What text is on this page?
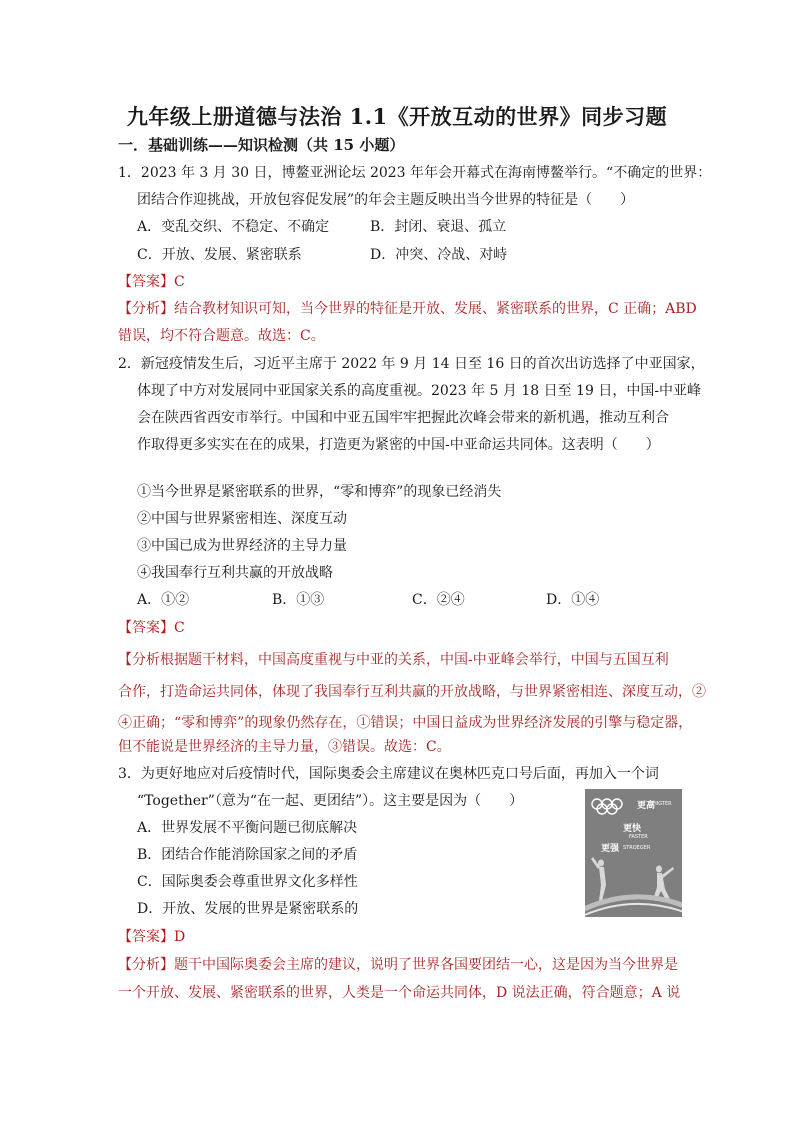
九年级上册道德与法治 1.1《开放互动的世界》同步习题
一．基础训练——知识检测（共 15 小题）
1．2023 年 3 月 30 日，博鳌亚洲论坛 2023 年年会开幕式在海南博鳌举行。“不确定的世界：
团结合作迎挑战，开放包容促发展”的年会主题反映出当今世界的特征是（　　）
A．变乱交织、不稳定、不确定	B．封闭、衰退、孤立
C．开放、发展、紧密联系	D．冲突、冷战、对峙
【答案】C
【分析】结合教材知识可知，当今世界的特征是开放、发展、紧密联系的世界，C 正确；ABD
错误，均不符合题意。故选：C。
2．新冠疫情发生后，习近平主席于 2022 年 9 月 14 日至 16 日的首次出访选择了中亚国家，
体现了中方对发展同中亚国家关系的高度重视。2023 年 5 月 18 日至 19 日，中国-中亚峰
会在陕西省西安市举行。中国和中亚五国牢牢把握此次峰会带来的新机遇，推动互利合
作取得更多实实在在的成果，打造更为紧密的中国-中亚命运共同体。这表明（　　）
①当今世界是紧密联系的世界，“零和博弈”的现象已经消失
②中国与世界紧密相连、深度互动
③中国已成为世界经济的主导力量
④我国奉行互利共赢的开放战略
A．①②	B．①③	C．②④	D．①④
【答案】C
【分析根据题干材料，中国高度重视与中亚的关系，中国-中亚峰会举行，中国与五国互利
合作，打造命运共同体，体现了我国奉行互利共赢的开放战略，与世界紧密相连、深度互动，②
④正确；“零和博弈”的现象仍然存在，①错误；中国日益成为世界经济发展的引擎与稳定器，
但不能说是世界经济的主导力量，③错误。故选：C。
3．为更好地应对后疫情时代，国际奥委会主席建议在奥林匹克口号后面，再加入一个词
“Together”（意为“在一起、更团结”）。这主要是因为（　　）
A．世界发展不平衡问题已彻底解决
B．团结合作能消除国家之间的矛盾
C．国际奥委会尊重世界文化多样性
D．开放、发展的世界是紧密联系的
【答案】D
【分析】题干中国际奥委会主席的建议，说明了世界各国要团结一心，这是因为当今世界是
一个开放、发展、紧密联系的世界，人类是一个命运共同体，D 说法正确，符合题意；A 说
更高
HIGTER
更快
FASTER
更强 STROEGER
